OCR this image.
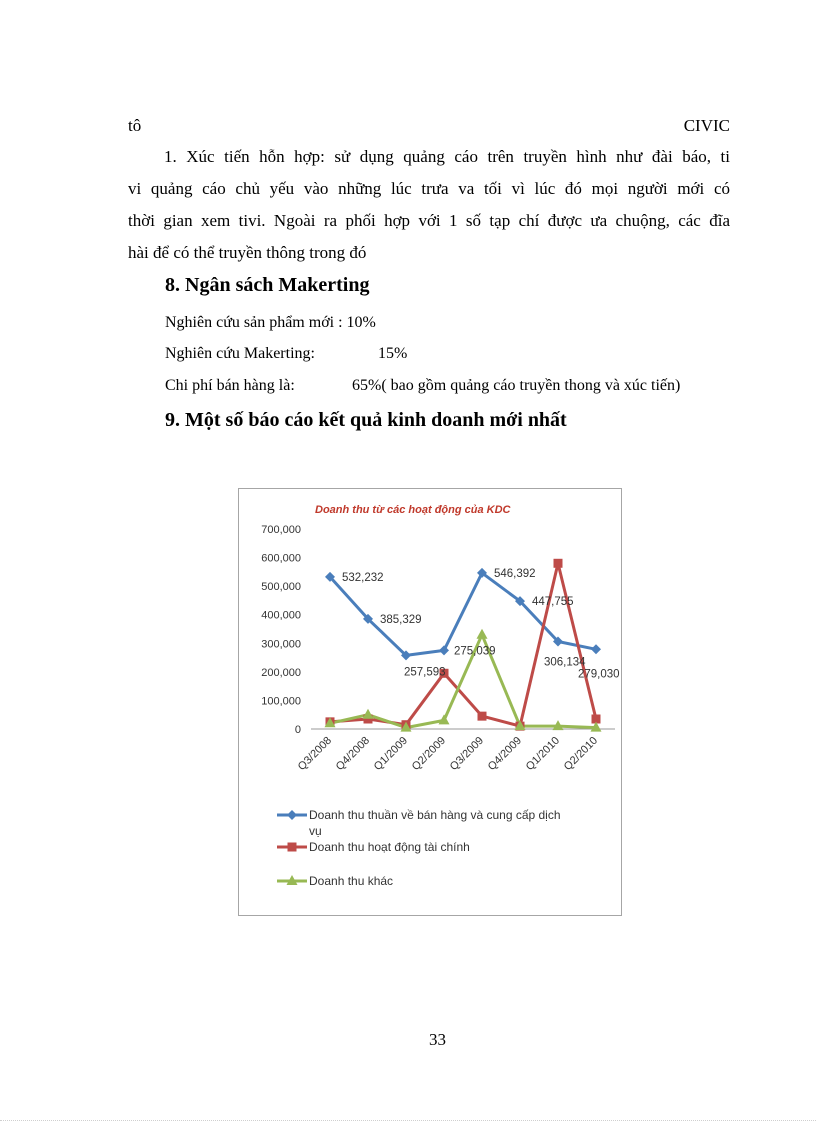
tô	CIVIC
1. Xúc tiến hỗn hợp: sử dụng quảng cáo trên truyền hình như đài báo, ti
vi quảng cáo chủ yếu vào những lúc trưa va tối vì lúc đó mọi người mới có
thời gian xem tivi. Ngoài ra phối hợp với 1 số tạp chí được ưa chuộng, các đĩa
hài để có thể truyền thông trong đó
8. Ngân sách Makerting
Nghiên cứu sản phẩm mới : 10%
Nghiên cứu Makerting:	15%
Chi phí bán hàng là:	65%( bao gồm quảng cáo truyền thong và xúc tiến)
9. Một số báo cáo kết quả kinh doanh mới nhất
Doanh thu từ các hoạt động của KDC
0
100,000
200,000
300,000
400,000
500,000
600,000
700,000
Q3/2008 Q4/2008 Q1/2009 Q2/2009 Q3/2009 Q4/2009 Q1/2010 Q2/2010
532,232
385,329
257,593
275,039
546,392
447,755
306,134
279,030
Doanh thu thuần về bán hàng và cung cấp dịch
vụ
Doanh thu hoạt động tài chính
Doanh thu khác
33
